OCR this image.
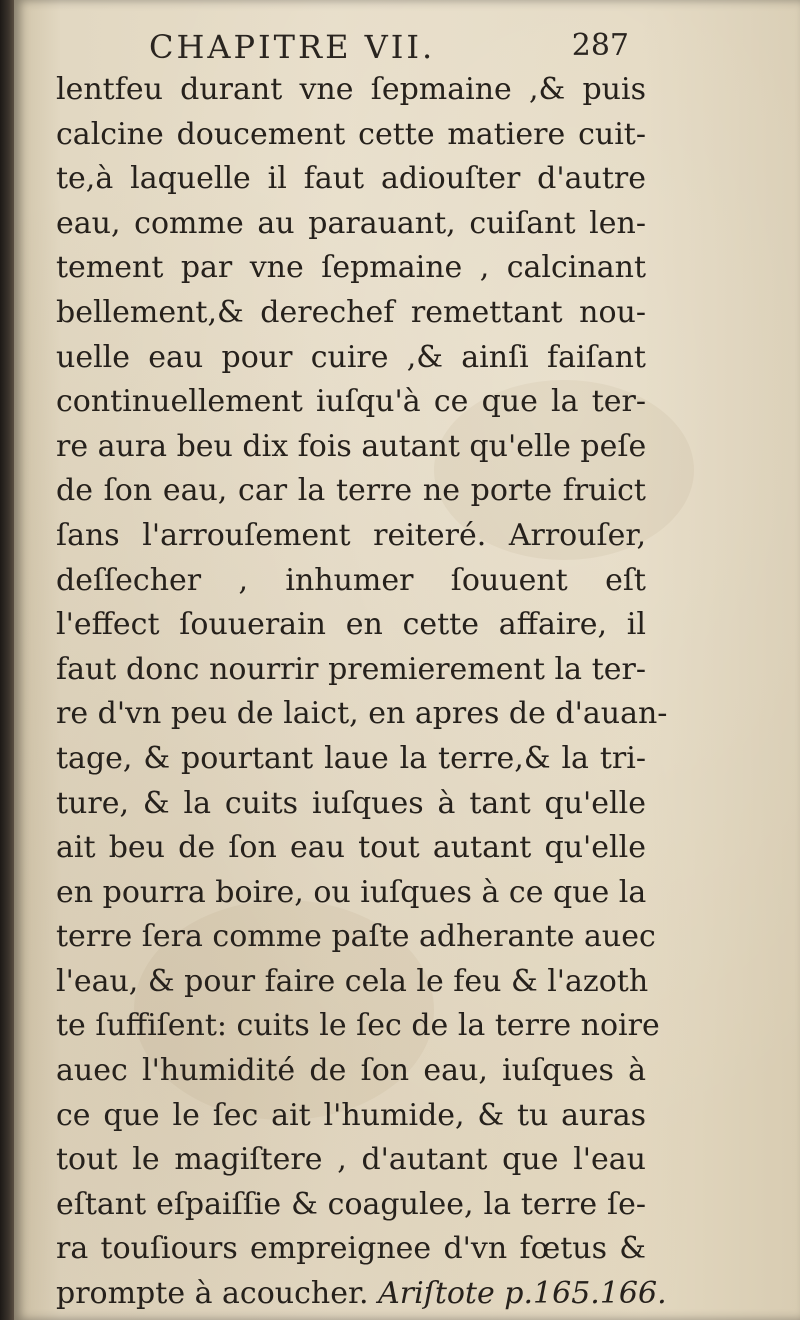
CHAPITRE VII.	287
lentfeu durant vne ſepmaine ,& puis
calcine doucement cette matiere cuit-
te,à laquelle il faut adiouſter d'autre
eau, comme au parauant, cuiſant len-
tement par vne ſepmaine , calcinant
bellement,& derechef remettant nou-
uelle eau pour cuire ,& ainſi faiſant
continuellement iuſqu'à ce que la ter-
re aura beu dix fois autant qu'elle peſe
de ſon eau, car la terre ne porte fruict
ſans l'arrouſement reiteré. Arrouſer,
deſſecher , inhumer ſouuent eſt
l'effect ſouuerain en cette affaire, il
faut donc nourrir premierement la ter-
re d'vn peu de laict, en apres de d'auan-
tage, & pourtant laue la terre,& la tri-
ture, & la cuits iuſques à tant qu'elle
ait beu de ſon eau tout autant qu'elle
en pourra boire, ou iuſques à ce que la
terre ſera comme paſte adherante auec
l'eau, & pour faire cela le feu & l'azoth
te ſuffiſent: cuits le ſec de la terre noire
auec l'humidité de ſon eau, iuſques à
ce que le ſec ait l'humide, & tu auras
tout le magiſtere , d'autant que l'eau
eſtant eſpaiſſie & coagulee, la terre ſe-
ra touſiours empreignee d'vn fœtus &
prompte à acoucher. Ariſtote p.165.166.
